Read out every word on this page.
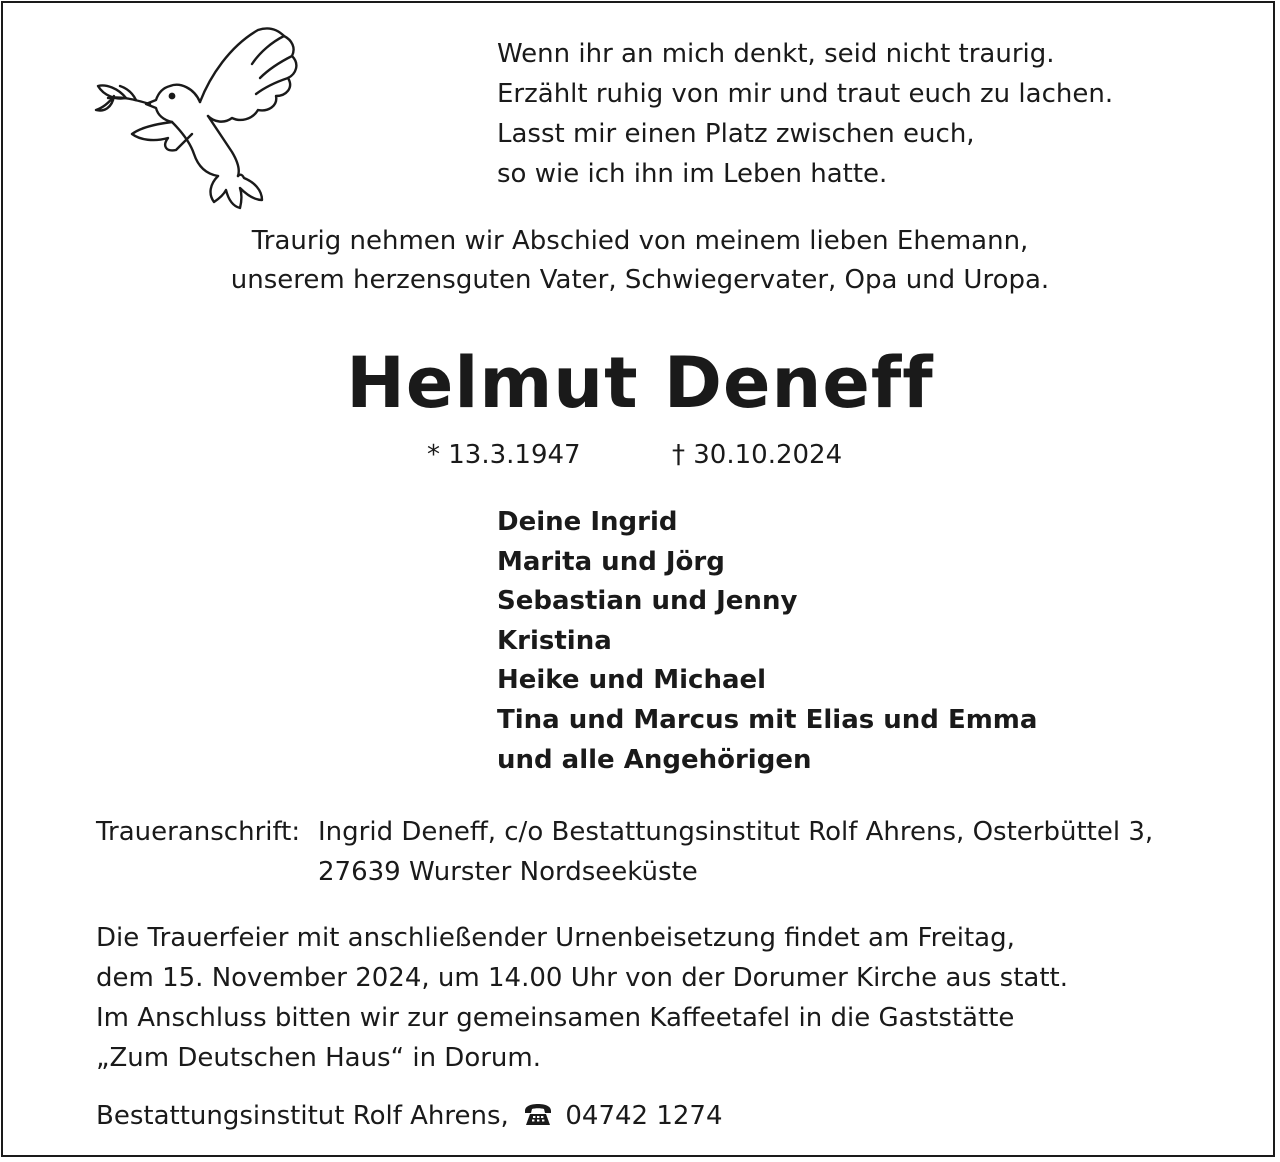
Wenn ihr an mich denkt, seid nicht traurig.
Erzählt ruhig von mir und traut euch zu lachen.
Lasst mir einen Platz zwischen euch,
so wie ich ihn im Leben hatte.
Traurig nehmen wir Abschied von meinem lieben Ehemann,
unserem herzensguten Vater, Schwiegervater, Opa und Uropa.
Helmut Deneff
* 13.3.1947	† 30.10.2024
Deine Ingrid
Marita und Jörg
Sebastian und Jenny
Kristina
Heike und Michael
Tina und Marcus mit Elias und Emma
und alle Angehörigen
Traueranschrift: Ingrid Deneff, c/o Bestattungsinstitut Rolf Ahrens, Osterbüttel 3,
27639 Wurster Nordseeküste
Die Trauerfeier mit anschließender Urnenbeisetzung findet am Freitag,
dem 15. November 2024, um 14.00 Uhr von der Dorumer Kirche aus statt.
Im Anschluss bitten wir zur gemeinsamen Kaffeetafel in die Gaststätte
„Zum Deutschen Haus“ in Dorum.
Bestattungsinstitut Rolf Ahrens, 04742 1274
